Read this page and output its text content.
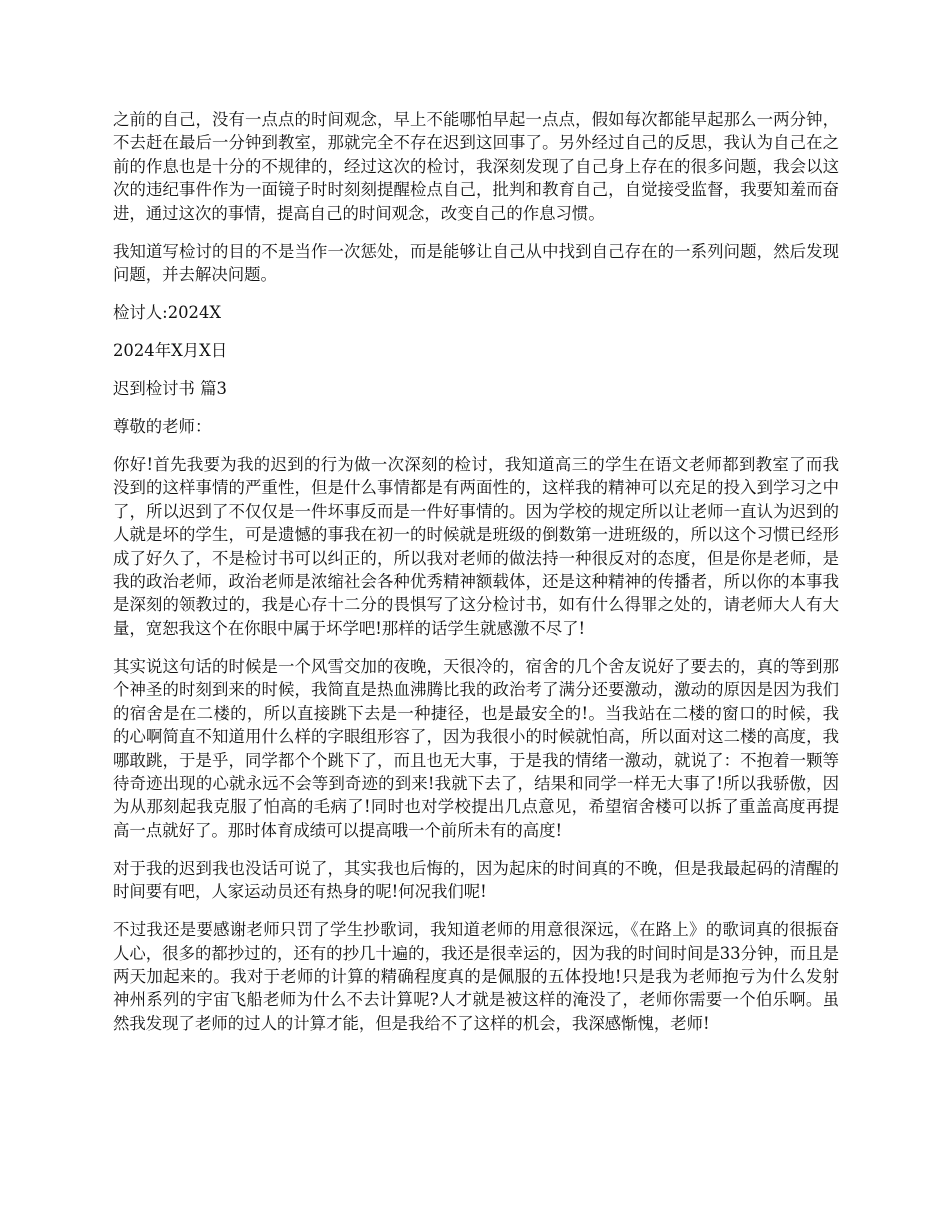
之前的自己，没有一点点的时间观念，早上不能哪怕早起一点点，假如每次都能早起那么一两分钟，不去赶在最后一分钟到教室，那就完全不存在迟到这回事了。另外经过自己的反思，我认为自己在之前的作息也是十分的不规律的，经过这次的检讨，我深刻发现了自己身上存在的很多问题，我会以这次的违纪事件作为一面镜子时时刻刻提醒检点自己，批判和教育自己，自觉接受监督，我要知羞而奋进，通过这次的事情，提高自己的时间观念，改变自己的作息习惯。

我知道写检讨的目的不是当作一次惩处，而是能够让自己从中找到自己存在的一系列问题，然后发现问题，并去解决问题。

检讨人:2024X

2024年X月X日

迟到检讨书 篇3

尊敬的老师：

你好!首先我要为我的迟到的行为做一次深刻的检讨，我知道高三的学生在语文老师都到教室了而我没到的这样事情的严重性，但是什么事情都是有两面性的，这样我的精神可以充足的投入到学习之中了，所以迟到了不仅仅是一件坏事反而是一件好事情的。因为学校的规定所以让老师一直认为迟到的人就是坏的学生，可是遗憾的事我在初一的时候就是班级的倒数第一进班级的，所以这个习惯已经形成了好久了，不是检讨书可以纠正的，所以我对老师的做法持一种很反对的态度，但是你是老师，是我的政治老师，政治老师是浓缩社会各种优秀精神额载体，还是这种精神的传播者，所以你的本事我是深刻的领教过的，我是心存十二分的畏惧写了这分检讨书，如有什么得罪之处的，请老师大人有大量，宽恕我这个在你眼中属于坏学吧!那样的话学生就感激不尽了!

其实说这句话的时候是一个风雪交加的夜晚，天很冷的，宿舍的几个舍友说好了要去的，真的等到那个神圣的时刻到来的时候，我简直是热血沸腾比我的政治考了满分还要激动，激动的原因是因为我们的宿舍是在二楼的，所以直接跳下去是一种捷径，也是最安全的!。当我站在二楼的窗口的时候，我的心啊简直不知道用什么样的字眼组形容了，因为我很小的时候就怕高，所以面对这二楼的高度，我哪敢跳，于是乎，同学都个个跳下了，而且也无大事，于是我的情绪一激动，就说了：不抱着一颗等待奇迹出现的心就永远不会等到奇迹的到来!我就下去了，结果和同学一样无大事了!所以我骄傲，因为从那刻起我克服了怕高的毛病了!同时也对学校提出几点意见，希望宿舍楼可以拆了重盖高度再提高一点就好了。那时体育成绩可以提高哦一个前所未有的高度!

对于我的迟到我也没话可说了，其实我也后悔的，因为起床的时间真的不晚，但是我最起码的清醒的时间要有吧，人家运动员还有热身的呢!何况我们呢!

不过我还是要感谢老师只罚了学生抄歌词，我知道老师的用意很深远，《在路上》的歌词真的很振奋人心，很多的都抄过的，还有的抄几十遍的，我还是很幸运的，因为我的时间时间是33分钟，而且是两天加起来的。我对于老师的计算的精确程度真的是佩服的五体投地!只是我为老师抱亏为什么发射神州系列的宇宙飞船老师为什么不去计算呢?人才就是被这样的淹没了，老师你需要一个伯乐啊。虽然我发现了老师的过人的计算才能，但是我给不了这样的机会，我深感惭愧，老师!
